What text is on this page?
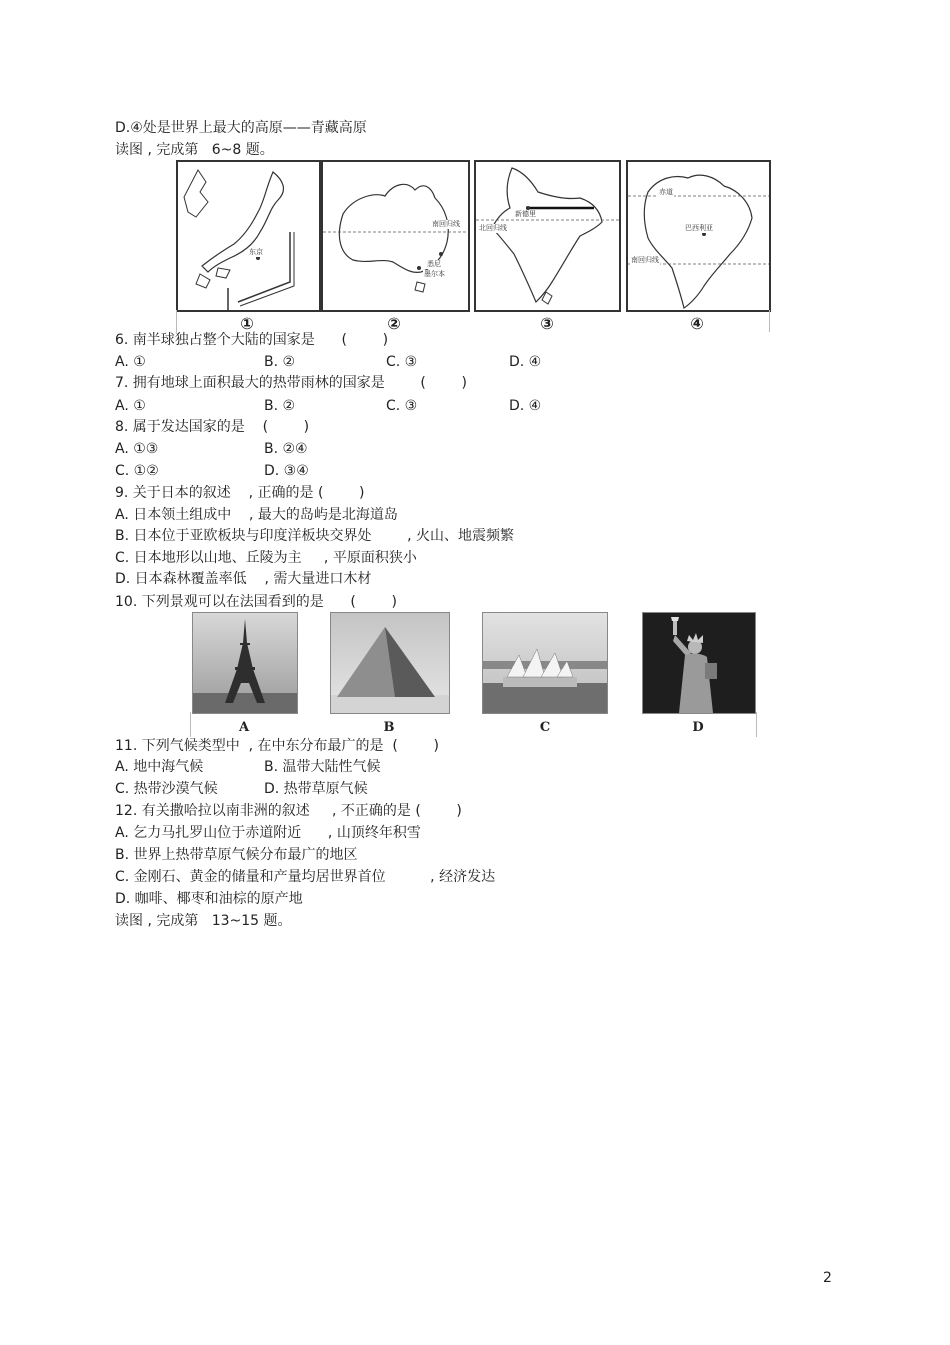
D.④处是世界上最大的高原——青藏高原
读图 , 完成第   6~8 题。
东京
南回归线
悉尼
墨尔本
新德里
北回归线
赤道
巴西利亚
南回归线
①	②	③	④
6. 南半球独占整个大陆的国家是      (        )
A. ①	B. ②	C. ③	D. ④
7. 拥有地球上面积最大的热带雨林的国家是        (        )
A. ①	B. ②	C. ③	D. ④
8. 属于发达国家的是    (        )
A. ①③	B. ②④
C. ①②	D. ③④
9. 关于日本的叙述    , 正确的是 (        )
A. 日本领土组成中    , 最大的岛屿是北海道岛
B. 日本位于亚欧板块与印度洋板块交界处        , 火山、地震频繁
C. 日本地形以山地、丘陵为主     , 平原面积狭小
D. 日本森林覆盖率低    , 需大量进口木材
10. 下列景观可以在法国看到的是      (        )
A	B	C	D
11. 下列气候类型中  , 在中东分布最广的是  (        )
A. 地中海气候	B. 温带大陆性气候
C. 热带沙漠气候	D. 热带草原气候
12. 有关撒哈拉以南非洲的叙述     , 不正确的是 (        )
A. 乞力马扎罗山位于赤道附近      , 山顶终年积雪
B. 世界上热带草原气候分布最广的地区
C. 金刚石、黄金的储量和产量均居世界首位          , 经济发达
D. 咖啡、椰枣和油棕的原产地
读图 , 完成第   13~15 题。
2
